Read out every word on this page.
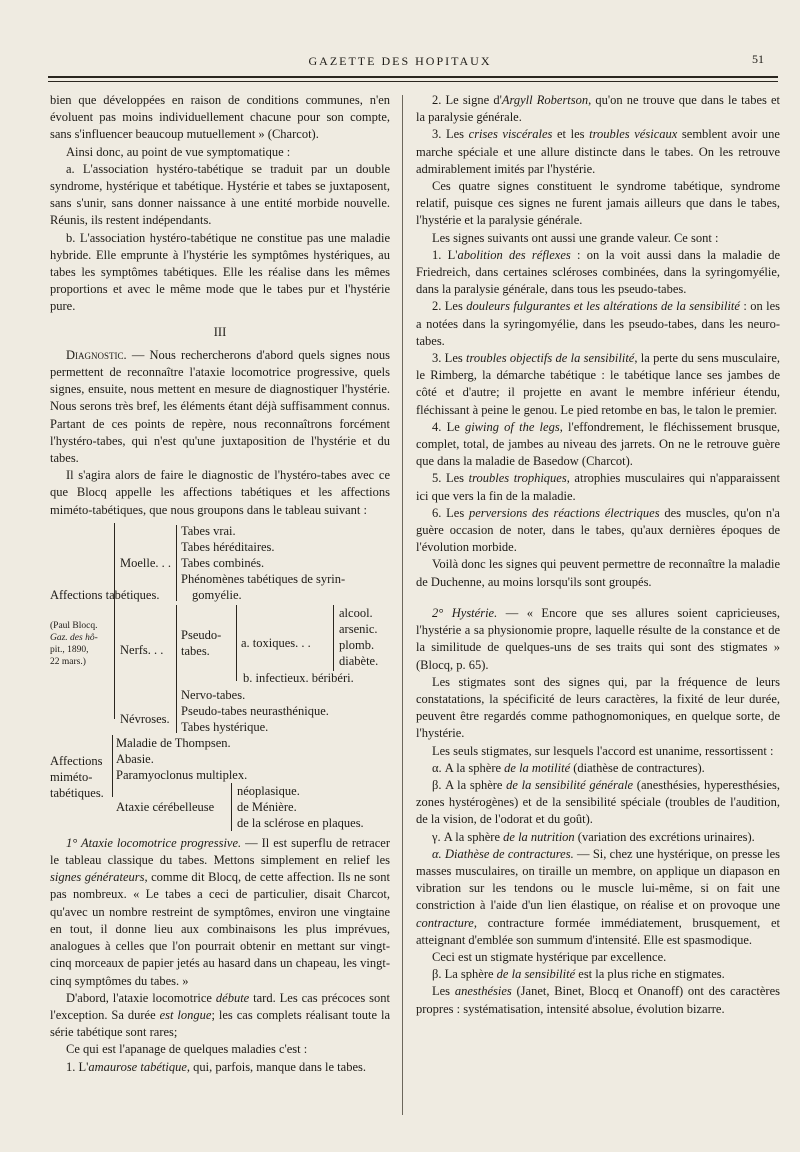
GAZETTE DES HOPITAUX	51

bien que développées en raison de conditions communes, n'en évoluent pas moins individuellement chacune pour son compte, sans s'influencer beaucoup mutuellement » (Charcot).

Ainsi donc, au point de vue symptomatique :

a. L'association hystéro-tabétique se traduit par un double syndrome, hystérique et tabétique. Hystérie et tabes se juxtaposent, sans s'unir, sans donner naissance à une entité morbide nouvelle. Réunis, ils restent indépendants.

b. L'association hystéro-tabétique ne constitue pas une maladie hybride. Elle emprunte à l'hystérie les symptômes hystériques, au tabes les symptômes tabétiques. Elle les réalise dans les mêmes proportions et avec le même mode que le tabes pur et l'hystérie pure.

III

Diagnostic. — Nous rechercherons d'abord quels signes nous permettent de reconnaître l'ataxie locomotrice progressive, quels signes, ensuite, nous mettent en mesure de diagnostiquer l'hystérie. Nous serons très bref, les éléments étant déjà suffisamment connus. Partant de ces points de repère, nous reconnaîtrons forcément l'hystéro-tabes, qui n'est qu'une juxtaposition de l'hystérie et du tabes.

Il s'agira alors de faire le diagnostic de l'hystéro-tabes avec ce que Blocq appelle les affections tabétiques et les affections miméto-tabétiques, que nous groupons dans le tableau suivant :

Affections tabétiques.
(Paul Blocq.
Gaz. des hô-
pit., 1890,
22 mars.)
Moelle. . .
Tabes vrai.
Tabes héréditaires.
Tabes combinés.
Phénomènes tabétiques de syrin-
gomyélie.
Nerfs. . .
Pseudo-
tabes.
a. toxiques. . .
alcool.
arsenic.
plomb.
diabète.
b. infectieux. béribéri.
Nervo-tabes.
Névroses.
Pseudo-tabes neurasthénique.
Tabes hystérique.
Affections
miméto-
tabétiques.
Maladie de Thompsen.
Abasie.
Paramyoclonus multiplex.
Ataxie cérébelleuse
néoplasique.
de Ménière.
de la sclérose en plaques.

1° Ataxie locomotrice progressive. — Il est superflu de retracer le tableau classique du tabes. Mettons simplement en relief les signes générateurs, comme dit Blocq, de cette affection. Ils ne sont pas nombreux. « Le tabes a ceci de particulier, disait Charcot, qu'avec un nombre restreint de symptômes, environ une vingtaine en tout, il donne lieu aux combinaisons les plus imprévues, analogues à celles que l'on pourrait obtenir en mettant sur vingt-cinq morceaux de papier jetés au hasard dans un chapeau, les vingt-cinq symptômes du tabes. »

D'abord, l'ataxie locomotrice débute tard. Les cas précoces sont l'exception. Sa durée est longue; les cas complets réalisant toute la série tabétique sont rares;

Ce qui est l'apanage de quelques maladies c'est :

1. L'amaurose tabétique, qui, parfois, manque dans le tabes.

2. Le signe d'Argyll Robertson, qu'on ne trouve que dans le tabes et la paralysie générale.

3. Les crises viscérales et les troubles vésicaux semblent avoir une marche spéciale et une allure distincte dans le tabes. On les retrouve admirablement imités par l'hystérie.

Ces quatre signes constituent le syndrome tabétique, syndrome relatif, puisque ces signes ne furent jamais ailleurs que dans le tabes, l'hystérie et la paralysie générale.

Les signes suivants ont aussi une grande valeur. Ce sont :

1. L'abolition des réflexes : on la voit aussi dans la maladie de Friedreich, dans certaines scléroses combinées, dans la syringomyélie, dans la paralysie générale, dans tous les pseudo-tabes.

2. Les douleurs fulgurantes et les altérations de la sensibilité : on les a notées dans la syringomyélie, dans les pseudo-tabes, dans les neuro-tabes.

3. Les troubles objectifs de la sensibilité, la perte du sens musculaire, le Rimberg, la démarche tabétique : le tabétique lance ses jambes de côté et d'autre; il projette en avant le membre inférieur étendu, fléchissant à peine le genou. Le pied retombe en bas, le talon le premier.

4. Le giwing of the legs, l'effondrement, le fléchissement brusque, complet, total, de jambes au niveau des jarrets. On ne le retrouve guère que dans la maladie de Basedow (Charcot).

5. Les troubles trophiques, atrophies musculaires qui n'apparaissent ici que vers la fin de la maladie.

6. Les perversions des réactions électriques des muscles, qu'on n'a guère occasion de noter, dans le tabes, qu'aux dernières époques de l'évolution morbide.

Voilà donc les signes qui peuvent permettre de reconnaître la maladie de Duchenne, au moins lorsqu'ils sont groupés.

2° Hystérie. — « Encore que ses allures soient capricieuses, l'hystérie a sa physionomie propre, laquelle résulte de la constance et de la similitude de quelques-uns de ses traits qui sont des stigmates » (Blocq, p. 65).

Les stigmates sont des signes qui, par la fréquence de leurs constatations, la spécificité de leurs caractères, la fixité de leur durée, peuvent être regardés comme pathognomoniques, en quelque sorte, de l'hystérie.

Les seuls stigmates, sur lesquels l'accord est unanime, ressortissent :

α. A la sphère de la motilité (diathèse de contractures).

β. A la sphère de la sensibilité générale (anesthésies, hyperesthésies, zones hystérogènes) et de la sensibilité spéciale (troubles de l'audition, de la vision, de l'odorat et du goût).

γ. A la sphère de la nutrition (variation des excrétions urinaires).

α. Diathèse de contractures. — Si, chez une hystérique, on presse les masses musculaires, on tiraille un membre, on applique un diapason en vibration sur les tendons ou le muscle lui-même, si on fait une constriction à l'aide d'un lien élastique, on réalise et on provoque une contracture, contracture formée immédiatement, brusquement, et atteignant d'emblée son summum d'intensité. Elle est spasmodique.

Ceci est un stigmate hystérique par excellence.

β. La sphère de la sensibilité est la plus riche en stigmates.

Les anesthésies (Janet, Binet, Blocq et Onanoff) ont des caractères propres : systématisation, intensité absolue, évolution bizarre.
